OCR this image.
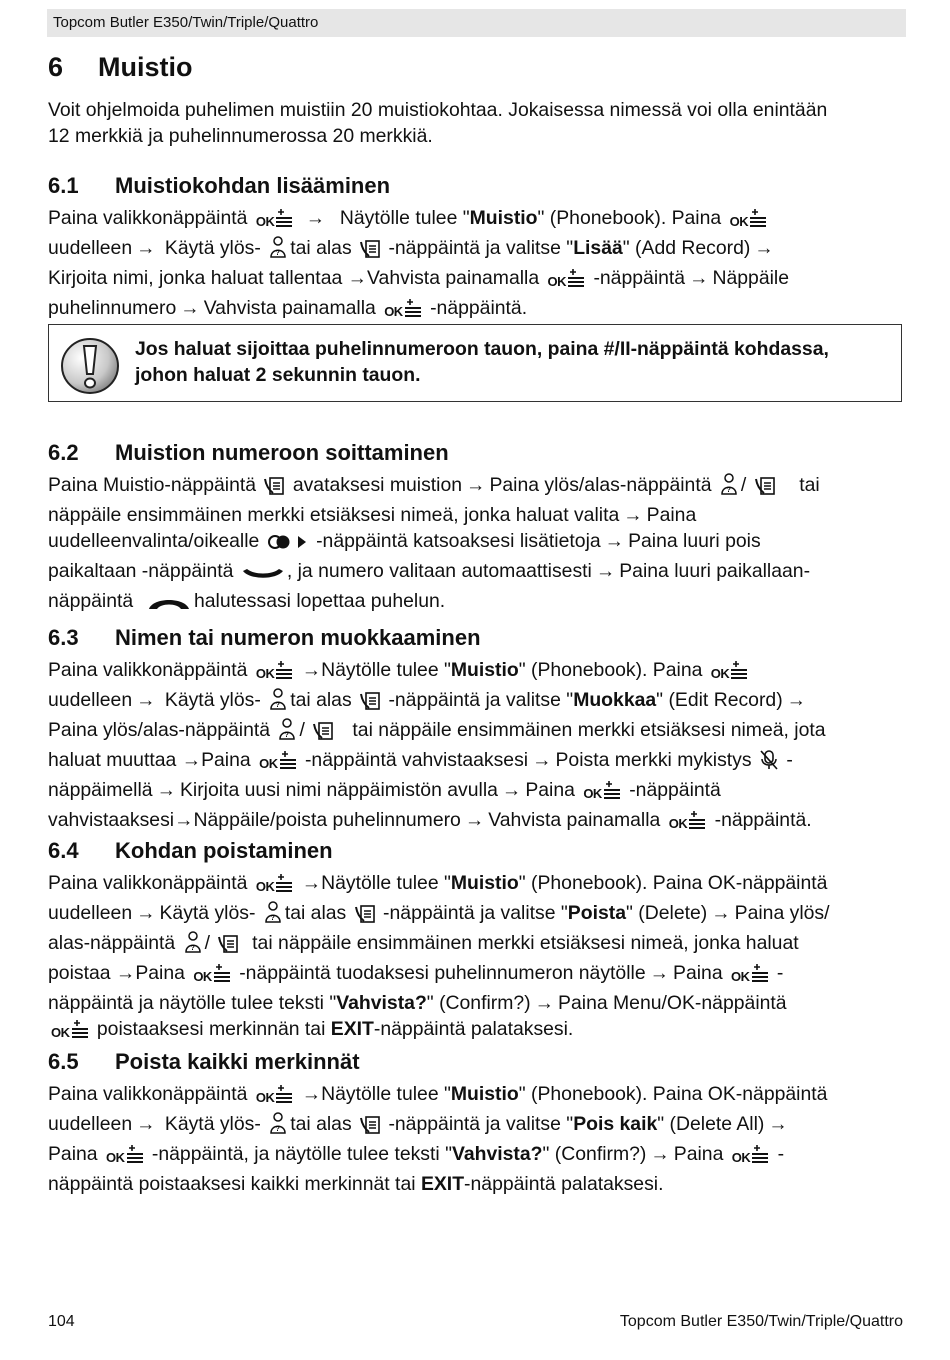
Topcom Butler E350/Twin/Triple/Quattro
6 Muistio
Voit ohjelmoida puhelimen muistiin 20 muistiokohtaa. Jokaisessa nimessä voi olla enintään
12 merkkiä ja puhelinnumerossa 20 merkkiä.
6.1 Muistiokohdan lisääminen
Paina valikkonäppäintä OK → Näytölle tulee "Muistio" (Phonebook). Paina OK
uudelleen → Käytä ylös- tai alas -näppäintä ja valitse "Lisää" (Add Record) →
Kirjoita nimi, jonka haluat tallentaa →Vahvista painamalla OK -näppäintä → Näppäile
puhelinnumero → Vahvista painamalla OK -näppäintä.
Jos haluat sijoittaa puhelinnumeroon tauon, paina #/II-näppäintä kohdassa,
johon haluat 2 sekunnin tauon.
6.2 Muistion numeroon soittaminen
Paina Muistio-näppäintä avataksesi muistion → Paina ylös/alas-näppäintä /	tai
näppäile ensimmäinen merkki etsiäksesi nimeä, jonka haluat valita → Paina
uudelleenvalinta/oikealle	-näppäintä katsoaksesi lisätietoja → Paina luuri pois
paikaltaan -näppäintä	, ja numero valitaan automaattisesti → Paina luuri paikallaan-
näppäintä	halutessasi lopettaa puhelun.
6.3 Nimen tai numeron muokkaaminen
Paina valikkonäppäintä OK →Näytölle tulee "Muistio" (Phonebook). Paina OK
uudelleen → Käytä ylös- tai alas -näppäintä ja valitse "Muokkaa" (Edit Record) →
Paina ylös/alas-näppäintä / tai näppäile ensimmäinen merkki etsiäksesi nimeä, jota
haluat muuttaa →Paina OK -näppäintä vahvistaaksesi → Poista merkki mykistys -
näppäimellä → Kirjoita uusi nimi näppäimistön avulla → Paina OK -näppäintä
vahvistaaksesi→Näppäile/poista puhelinnumero → Vahvista painamalla OK -näppäintä.
6.4 Kohdan poistaminen
Paina valikkonäppäintä OK →Näytölle tulee "Muistio" (Phonebook). Paina OK-näppäintä
uudelleen → Käytä ylös- tai alas -näppäintä ja valitse "Poista" (Delete) → Paina ylös/
alas-näppäintä / tai näppäile ensimmäinen merkki etsiäksesi nimeä, jonka haluat
poistaa →Paina OK -näppäintä tuodaksesi puhelinnumeron näytölle → Paina OK -
näppäintä ja näytölle tulee teksti "Vahvista?" (Confirm?) → Paina Menu/OK-näppäintä
OK poistaaksesi merkinnän tai EXIT-näppäintä palataksesi.
6.5 Poista kaikki merkinnät
Paina valikkonäppäintä OK →Näytölle tulee "Muistio" (Phonebook). Paina OK-näppäintä
uudelleen → Käytä ylös- tai alas -näppäintä ja valitse "Pois kaik" (Delete All) →
Paina OK -näppäintä, ja näytölle tulee teksti "Vahvista?" (Confirm?) → Paina OK -
näppäintä poistaaksesi kaikki merkinnät tai EXIT-näppäintä palataksesi.
104	Topcom Butler E350/Twin/Triple/Quattro
